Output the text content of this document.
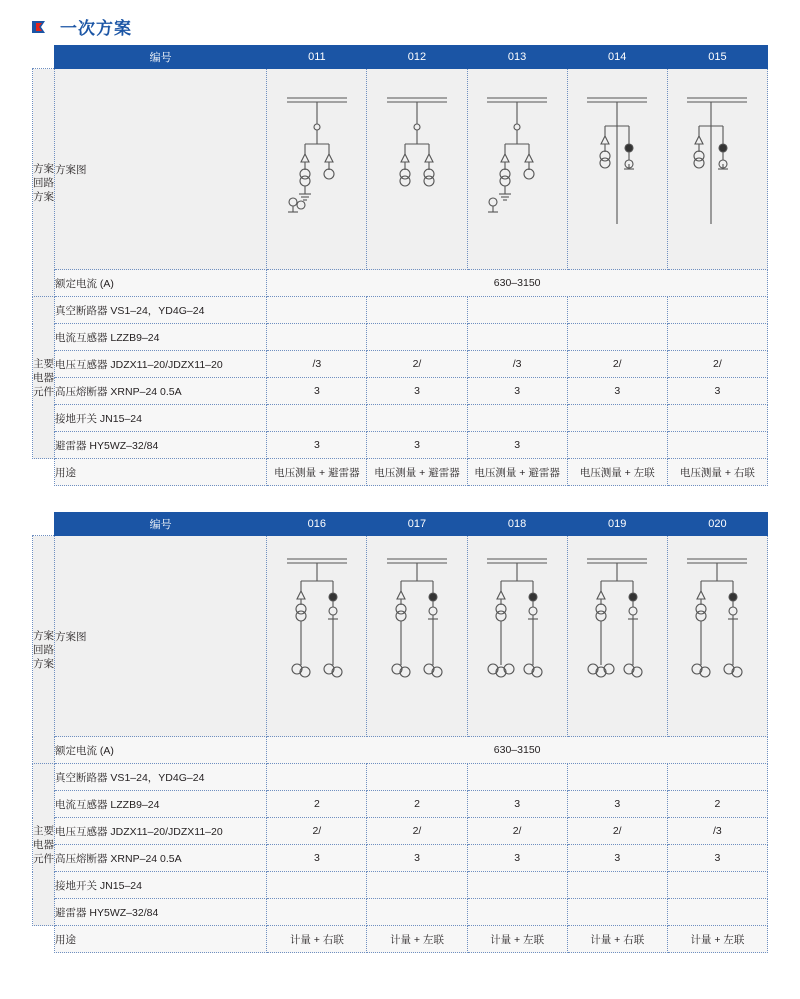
一次方案
	编号	011	012	013	014	015
方案回路方案	方案图	

	额定电流 (A)	630–3150				
主要电器元件	真空断路器 VS1–24，YD4G–24					
	电流互感器 LZZB9–24					
	电压互感器 JDZX11–20/JDZX11–20	/3	2/	/3	2/	2/
	高压熔断器 XRNP–24 0.5A	3	3	3	3	3
	接地开关 JN15–24					
	避雷器 HY5WZ–32/84	3	3	3		
	用途	电压测量 + 避雷器	电压测量 + 避雷器	电压测量 + 避雷器	电压测量 + 左联	电压测量 + 右联
	编号	016	017	018	019	020
方案回路方案	方案图	

	额定电流 (A)	630–3150				
主要电器元件	真空断路器 VS1–24，YD4G–24					
	电流互感器 LZZB9–24	2	2	3	3	2
	电压互感器 JDZX11–20/JDZX11–20	2/	2/	2/	2/	/3
	高压熔断器 XRNP–24 0.5A	3	3	3	3	3
	接地开关 JN15–24					
	避雷器 HY5WZ–32/84					
	用途	计量 + 右联	计量 + 左联	计量 + 左联	计量 + 右联	计量 + 左联
